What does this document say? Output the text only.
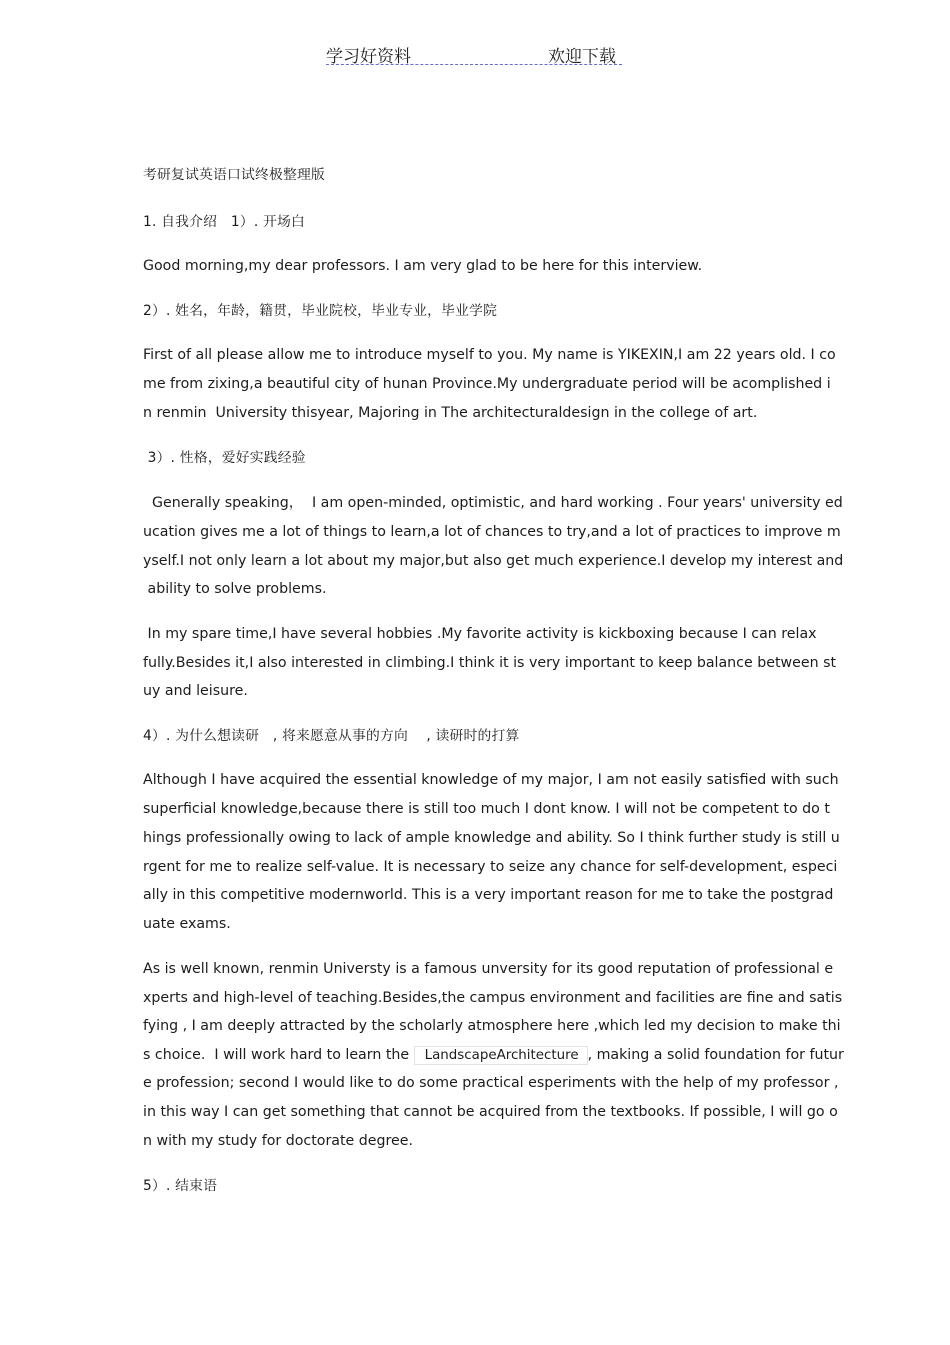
学习好资料	欢迎下载
考研复试英语口试终极整理版
1. 自我介绍   1）. 开场白
Good morning,my dear professors. I am very glad to be here for this interview.
2）. 姓名，年龄，籍贯，毕业院校，毕业专业，毕业学院
First of all please allow me to introduce myself to you. My name is YIKEXIN,I am 22 years old. I co
me from zixing,a beautiful city of hunan Province.My undergraduate period will be acomplished i
n renmin  University thisyear, Majoring in The architecturaldesign in the college of art.
3）. 性格，爱好实践经验
Generally speaking，  I am open-minded, optimistic, and hard working . Four years' university ed
ucation gives me a lot of things to learn,a lot of chances to try,and a lot of practices to improve m
yself.I not only learn a lot about my major,but also get much experience.I develop my interest and
ability to solve problems.
In my spare time,I have several hobbies .My favorite activity is kickboxing because I can relax
fully.Besides it,I also interested in climbing.I think it is very important to keep balance between st
uy and leisure.
4）. 为什么想读研   , 将来愿意从事的方向    , 读研时的打算
Although I have acquired the essential knowledge of my major, I am not easily satisfied with such
superficial knowledge,because there is still too much I dont know. I will not be competent to do t
hings professionally owing to lack of ample knowledge and ability. So I think further study is still u
rgent for me to realize self-value. It is necessary to seize any chance for self-development, especi
ally in this competitive modernworld. This is a very important reason for me to take the postgrad
uate exams.
As is well known, renmin Universty is a famous unversity for its good reputation of professional e
xperts and high-level of teaching.Besides,the campus environment and facilities are fine and satis
fying , I am deeply attracted by the scholarly atmosphere here ,which led my decision to make thi
s choice.  I will work hard to learn the LandscapeArchitecture , making a solid foundation for futur
e profession; second I would like to do some practical esperiments with the help of my professor ,
in this way I can get something that cannot be acquired from the textbooks. If possible, I will go o
n with my study for doctorate degree.
5）. 结束语
